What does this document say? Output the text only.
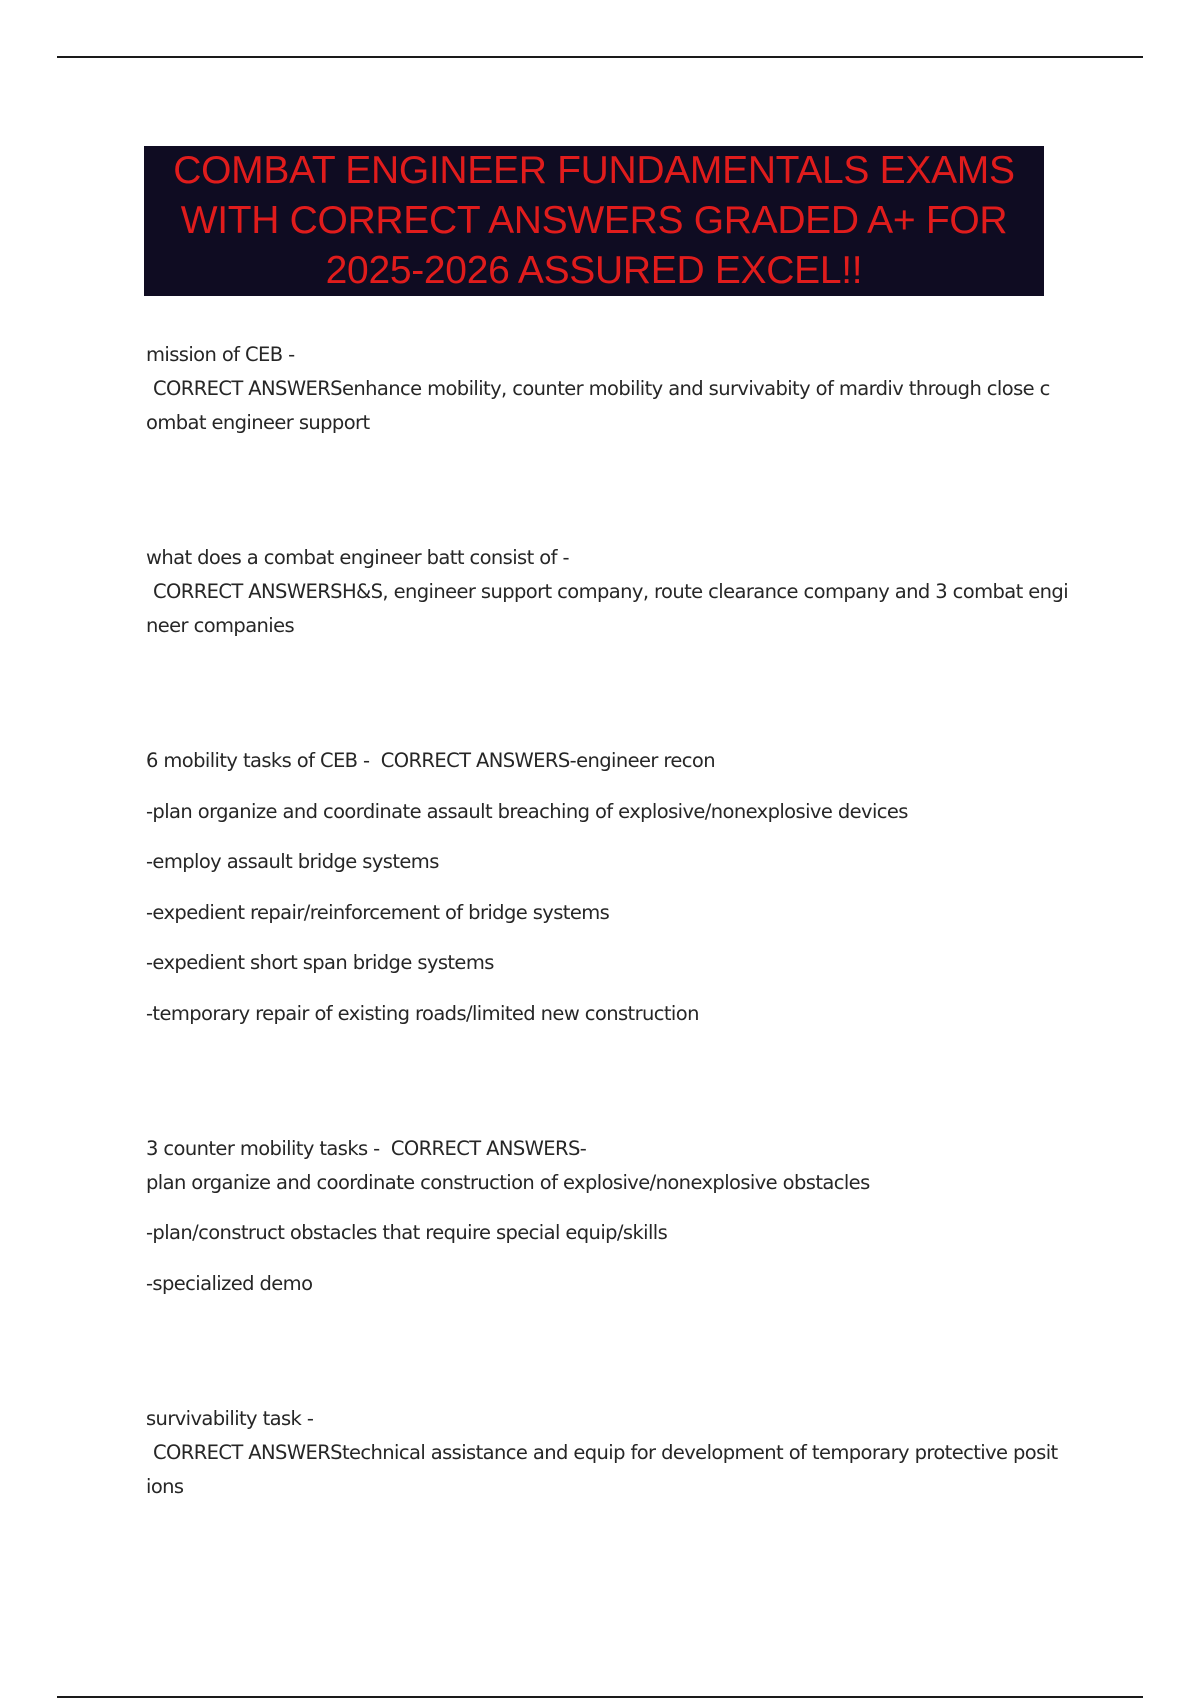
COMBAT ENGINEER FUNDAMENTALS EXAMS WITH CORRECT ANSWERS GRADED A+ FOR 2025-2026 ASSURED EXCEL!!

mission of CEB -

CORRECT ANSWERSenhance mobility, counter mobility and survivabity of mardiv through close c

ombat engineer support

what does a combat engineer batt consist of -

CORRECT ANSWERSH&S, engineer support company, route clearance company and 3 combat engi

neer companies

6 mobility tasks of CEB -  CORRECT ANSWERS-engineer recon

-plan organize and coordinate assault breaching of explosive/nonexplosive devices

-employ assault bridge systems

-expedient repair/reinforcement of bridge systems

-expedient short span bridge systems

-temporary repair of existing roads/limited new construction

3 counter mobility tasks -  CORRECT ANSWERS-

plan organize and coordinate construction of explosive/nonexplosive obstacles

-plan/construct obstacles that require special equip/skills

-specialized demo

survivability task -

CORRECT ANSWERStechnical assistance and equip for development of temporary protective posit

ions
